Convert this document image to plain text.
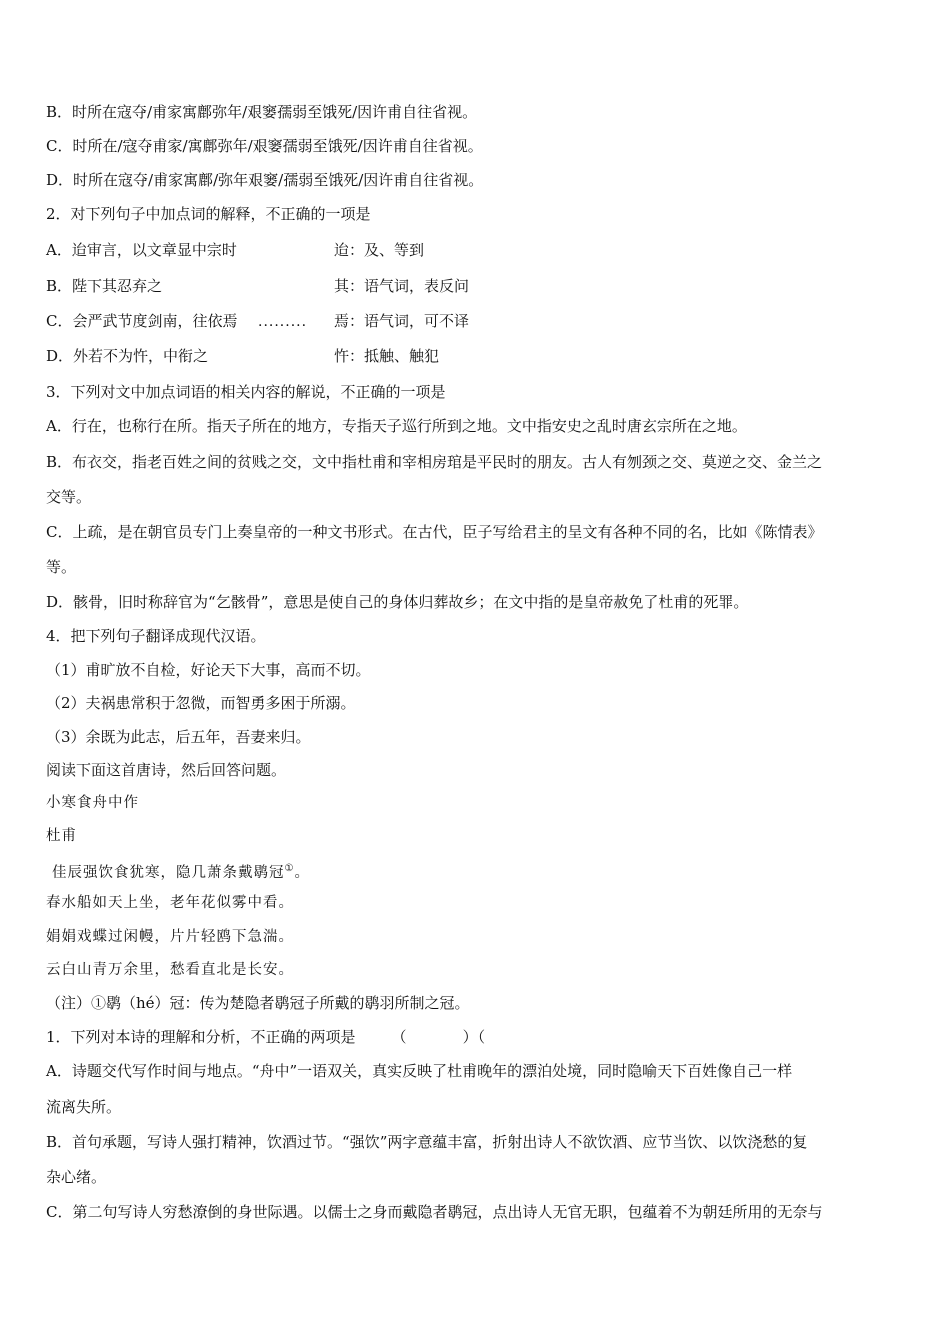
B．时所在寇夺/甫家寓鄜弥年/艰窭孺弱至饿死/因许甫自往省视。
C．时所在/寇夺甫家/寓鄜弥年/艰窭孺弱至饿死/因许甫自往省视。
D．时所在寇夺/甫家寓鄜/弥年艰窭/孺弱至饿死/因许甫自往省视。
2．对下列句子中加点词的解释，不正确的一项是
A．迨审言，以文章显中宗时	迨：及、等到
B．陛下其忍弃之	其：语气词，表反问
C．会严武节度剑南，往依焉	········· 焉：语气词，可不译
D．外若不为忤，中衔之	忤：抵触、触犯
3．下列对文中加点词语的相关内容的解说，不正确的一项是
A．行在，也称行在所。指天子所在的地方，专指天子巡行所到之地。文中指安史之乱时唐玄宗所在之地。
B．布衣交，指老百姓之间的贫贱之交，文中指杜甫和宰相房琯是平民时的朋友。古人有刎颈之交、莫逆之交、金兰之
交等。
C．上疏，是在朝官员专门上奏皇帝的一种文书形式。在古代，臣子写给君主的呈文有各种不同的名，比如《陈情表》
等。
D．骸骨，旧时称辞官为“乞骸骨”，意思是使自己的身体归葬故乡；在文中指的是皇帝赦免了杜甫的死罪。
4．把下列句子翻译成现代汉语。
（1）甫旷放不自检，好论天下大事，高而不切。
（2）夫祸患常积于忽微，而智勇多困于所溺。
（3）余既为此志，后五年，吾妻来归。
阅读下面这首唐诗，然后回答问题。
小寒食舟中作
杜甫
佳辰强饮食犹寒，隐几萧条戴鹖冠①。
春水船如天上坐，老年花似雾中看。
娟娟戏蝶过闲幔，片片轻鸥下急湍。
云白山青万余里，愁看直北是长安。
（注）①鹖（hé）冠：传为楚隐者鹖冠子所戴的鹖羽所制之冠。
1．下列对本诗的理解和分析，不正确的两项是 （	）（
A．诗题交代写作时间与地点。“舟中”一语双关，真实反映了杜甫晚年的漂泊处境，同时隐喻天下百姓像自己一样
流离失所。
B．首句承题，写诗人强打精神，饮酒过节。“强饮”两字意蕴丰富，折射出诗人不欲饮酒、应节当饮、以饮浇愁的复
杂心绪。
C．第二句写诗人穷愁潦倒的身世际遇。以儒士之身而戴隐者鹖冠，点出诗人无官无职，包蕴着不为朝廷所用的无奈与
